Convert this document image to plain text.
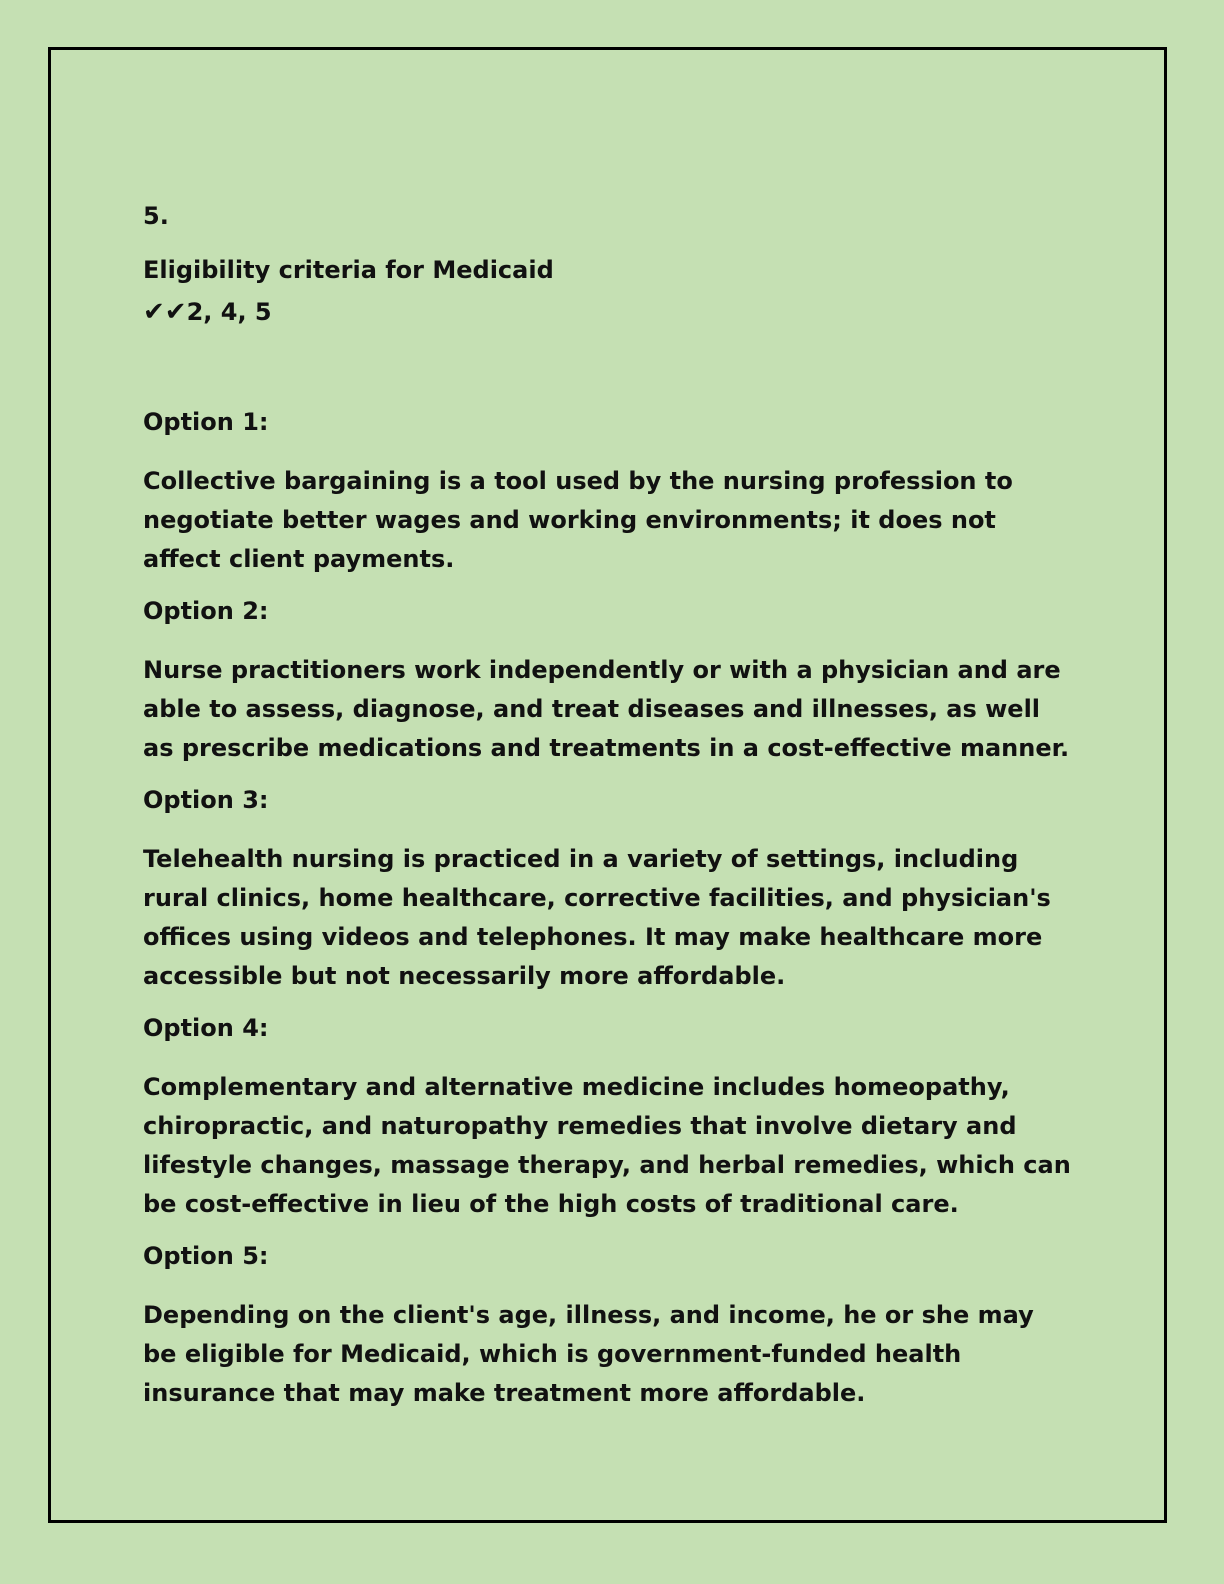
5.

Eligibility criteria for Medicaid

✔✔2, 4, 5

Option 1:

Collective bargaining is a tool used by the nursing profession to negotiate better wages and working environments; it does not affect client payments.

Option 2:

Nurse practitioners work independently or with a physician and are able to assess, diagnose, and treat diseases and illnesses, as well as prescribe medications and treatments in a cost-effective manner.

Option 3:

Telehealth nursing is practiced in a variety of settings, including rural clinics, home healthcare, corrective facilities, and physician's offices using videos and telephones. It may make healthcare more accessible but not necessarily more affordable.

Option 4:

Complementary and alternative medicine includes homeopathy, chiropractic, and naturopathy remedies that involve dietary and lifestyle changes, massage therapy, and herbal remedies, which can be cost-effective in lieu of the high costs of traditional care.

Option 5:

Depending on the client's age, illness, and income, he or she may be eligible for Medicaid, which is government-funded health insurance that may make treatment more affordable.
